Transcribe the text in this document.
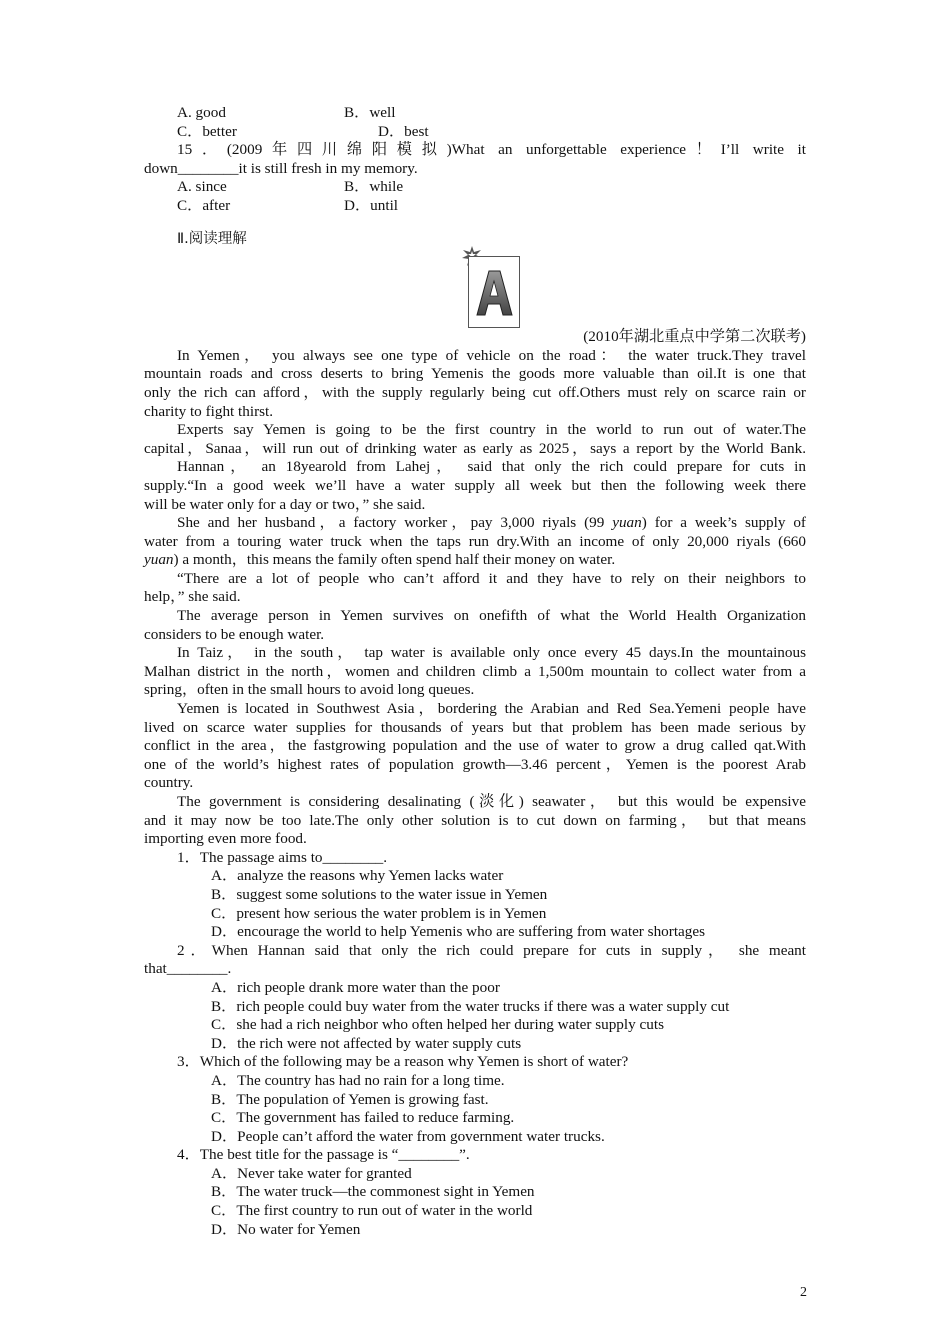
A. good	B．well
C．better	D．best
15．(2009年四川绵阳模拟)What an unforgettable experience！I’ll write it
down________it is still fresh in my memory.
A. since	B．while
C．after	D．until
Ⅱ.阅读理解
(2010年湖北重点中学第二次联考)
In Yemen， you always see one type of vehicle on the road： the water truck.They travel
mountain roads and cross deserts to bring Yemenis the goods more valuable than oil.It is one that
only the rich can afford，with the supply regularly being cut off.Others must rely on scarce rain or
charity to fight thirst.
Experts say Yemen is going to be the first country in the world to run out of water.The
capital，Sanaa，will run out of drinking water as early as 2025，says a report by the World Bank.
Hannan， an 18yearold from Lahej， said that only the rich could prepare for cuts in
supply.“In a good week we’ll have a water supply all week but then the following week there
will be water only for a day or two，” she said.
She and her husband，a factory worker，pay 3,000 riyals (99 yuan) for a week’s supply of
water from a touring water truck when the taps run dry.With an income of only 20,000 riyals (660
yuan) a month，this means the family often spend half their money on water.
“There are a lot of people who can’t afford it and they have to rely on their neighbors to
help，” she said.
The average person in Yemen survives on onefifth of what the World Health Organization
considers to be enough water.
In Taiz， in the south， tap water is available only once every 45 days.In the mountainous
Malhan district in the north，women and children climb a 1,500m mountain to collect water from a
spring，often in the small hours to avoid long queues.
Yemen is located in Southwest Asia，bordering the Arabian and Red Sea.Yemeni people have
lived on scarce water supplies for thousands of years but that problem has been made serious by
conflict in the area，the fastgrowing population and the use of water to grow a drug called qat.With
one of the world’s highest rates of population growth—3.46 percent，Yemen is the poorest Arab
country.
The government is considering desalinating (淡化) seawater， but this would be expensive
and it may now be too late.The only other solution is to cut down on farming， but that means
importing even more food.
1．The passage aims to________.
A．analyze the reasons why Yemen lacks water
B．suggest some solutions to the water issue in Yemen
C．present how serious the water problem is in Yemen
D．encourage the world to help Yemenis who are suffering from water shortages
2．When Hannan said that only the rich could prepare for cuts in supply， she meant
that________.
A．rich people drank more water than the poor
B．rich people could buy water from the water trucks if there was a water supply cut
C．she had a rich neighbor who often helped her during water supply cuts
D．the rich were not affected by water supply cuts
3．Which of the following may be a reason why Yemen is short of water?
A．The country has had no rain for a long time.
B．The population of Yemen is growing fast.
C．The government has failed to reduce farming.
D．People can’t afford the water from government water trucks.
4．The best title for the passage is “________”.
A．Never take water for granted
B．The water truck—the commonest sight in Yemen
C．The first country to run out of water in the world
D．No water for Yemen
2
